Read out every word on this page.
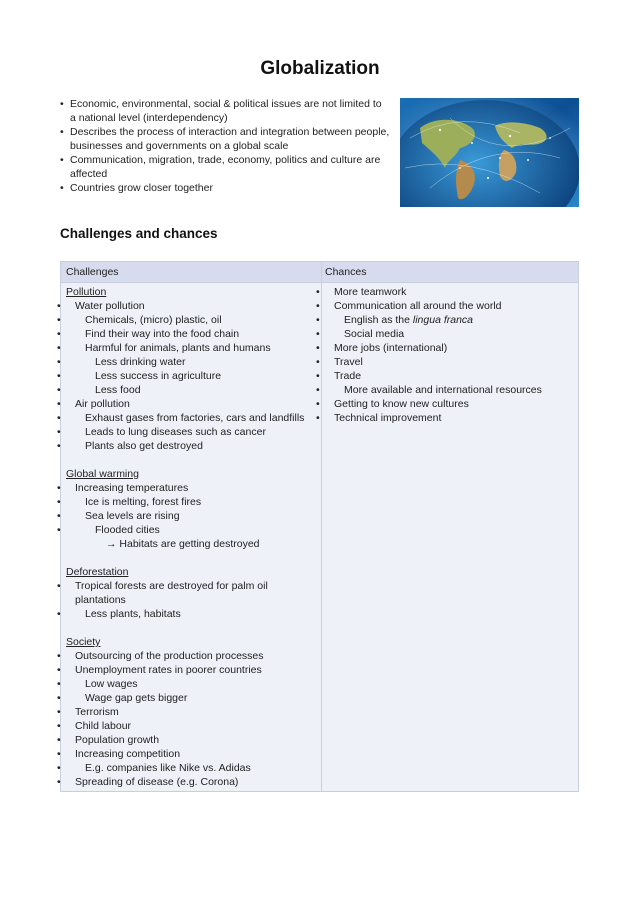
Globalization
• Economic, environmental, social & political issues are not limited to a national level (interdependency)
• Describes the process of interaction and integration between people, businesses and governments on a global scale
• Communication, migration, trade, economy, politics and culture are affected
• Countries grow closer together
Challenges and chances
Challenges	Chances
Pollution
• Water pollution
• Chemicals, (micro) plastic, oil
• Find their way into the food chain
• Harmful for animals, plants and humans
• Less drinking water
• Less success in agriculture
• Less food
• Air pollution
• Exhaust gases from factories, cars and landfills
• Leads to lung diseases such as cancer
• Plants also get destroyed
Global warming
• Increasing temperatures
• Ice is melting, forest fires
• Sea levels are rising
• Flooded cities
→ Habitats are getting destroyed
Deforestation
• Tropical forests are destroyed for palm oil plantations
• Less plants, habitats
Society
• Outsourcing of the production processes
• Unemployment rates in poorer countries
• Low wages
• Wage gap gets bigger
• Terrorism
• Child labour
• Population growth
• Increasing competition
• E.g. companies like Nike vs. Adidas
• Spreading of disease (e.g. Corona)
• More teamwork
• Communication all around the world
• English as the lingua franca
• Social media
• More jobs (international)
• Travel
• Trade
• More available and international resources
• Getting to know new cultures
• Technical improvement
